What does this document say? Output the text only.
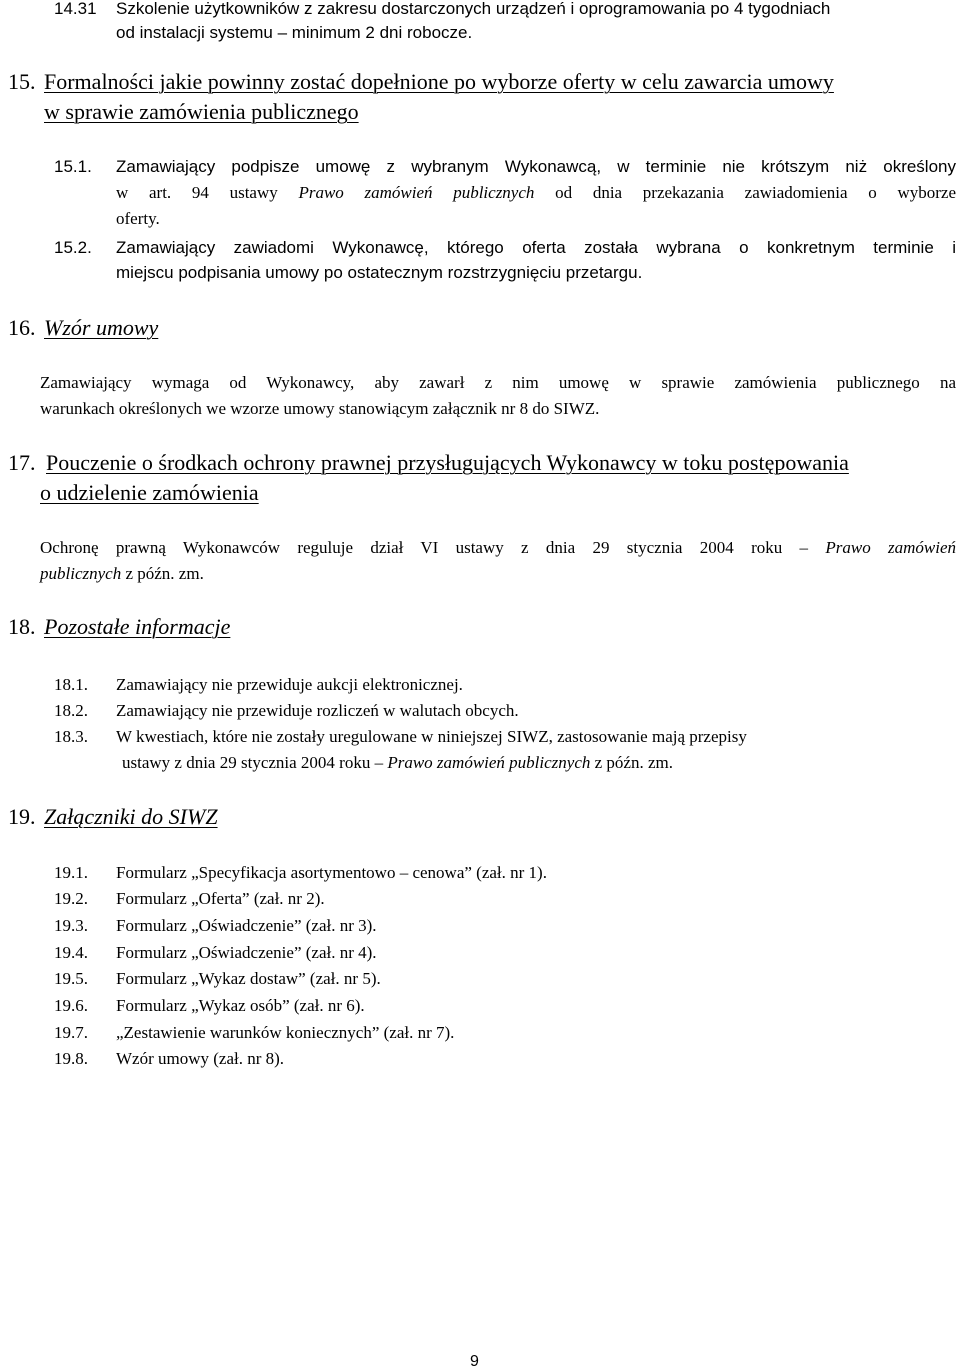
14.31 Szkolenie użytkowników z zakresu dostarczonych urządzeń i oprogramowania po 4 tygodniach
od instalacji systemu – minimum 2 dni robocze.
15. Formalności jakie powinny zostać dopełnione po wyborze oferty w celu zawarcia umowy
w sprawie zamówienia publicznego
15.1. Zamawiający podpisze umowę z wybranym Wykonawcą, w terminie nie krótszym niż określony
w art. 94 ustawy Prawo zamówień publicznych od dnia przekazania zawiadomienia o wyborze
oferty.
15.2. Zamawiający zawiadomi Wykonawcę, którego oferta została wybrana o konkretnym terminie i
miejscu podpisania umowy po ostatecznym rozstrzygnięciu przetargu.
16. Wzór umowy
Zamawiający wymaga od Wykonawcy, aby zawarł z nim umowę w sprawie zamówienia publicznego na
warunkach określonych we wzorze umowy stanowiącym załącznik nr 8 do SIWZ.
17. Pouczenie o środkach ochrony prawnej przysługujących Wykonawcy w toku postępowania
o udzielenie zamówienia
Ochronę prawną Wykonawców reguluje dział VI ustawy z dnia 29 stycznia 2004 roku – Prawo zamówień
publicznych z późn. zm.
18. Pozostałe informacje
18.1. Zamawiający nie przewiduje aukcji elektronicznej.
18.2. Zamawiający nie przewiduje rozliczeń w walutach obcych.
18.3. W kwestiach, które nie zostały uregulowane w niniejszej SIWZ, zastosowanie mają przepisy
ustawy z dnia 29 stycznia 2004 roku – Prawo zamówień publicznych z późn. zm.
19. Załączniki do SIWZ
19.1. Formularz „Specyfikacja asortymentowo – cenowa” (zał. nr 1).
19.2. Formularz „Oferta” (zał. nr 2).
19.3. Formularz „Oświadczenie” (zał. nr 3).
19.4. Formularz „Oświadczenie” (zał. nr 4).
19.5. Formularz „Wykaz dostaw” (zał. nr 5).
19.6. Formularz „Wykaz osób” (zał. nr 6).
19.7. „Zestawienie warunków koniecznych” (zał. nr 7).
19.8. Wzór umowy (zał. nr 8).
9
